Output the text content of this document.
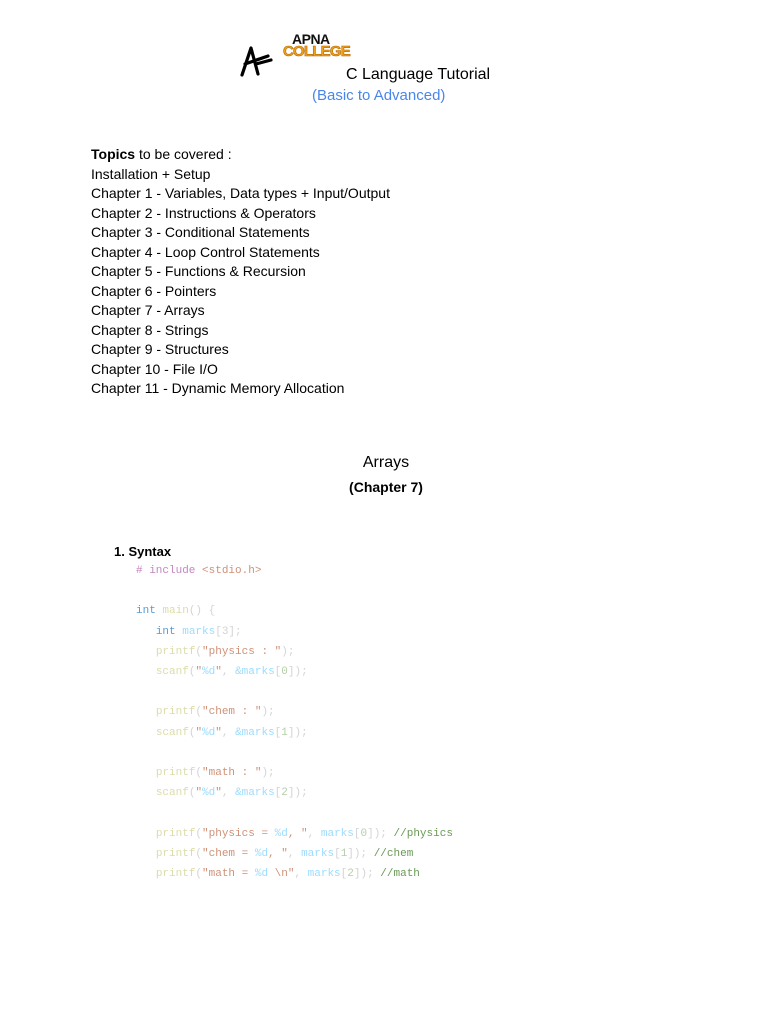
APNA
COLLEGE
C Language Tutorial
(Basic to Advanced)
Topics to be covered :
Installation + Setup
Chapter 1 - Variables, Data types + Input/Output
Chapter 2 - Instructions & Operators
Chapter 3 - Conditional Statements
Chapter 4 - Loop Control Statements
Chapter 5 - Functions & Recursion
Chapter 6 - Pointers
Chapter 7 - Arrays
Chapter 8 - Strings
Chapter 9 - Structures
Chapter 10 - File I/O
Chapter 11 - Dynamic Memory Allocation
Arrays
(Chapter 7)
1. Syntax
# include <stdio.h>

int main() {
int marks[3];
printf("physics : ");
scanf("%d", &marks[0]);

printf("chem : ");
scanf("%d", &marks[1]);

printf("math : ");
scanf("%d", &marks[2]);

printf("physics = %d, ", marks[0]); //physics
printf("chem = %d, ", marks[1]); //chem
printf("math = %d \n", marks[2]); //math
